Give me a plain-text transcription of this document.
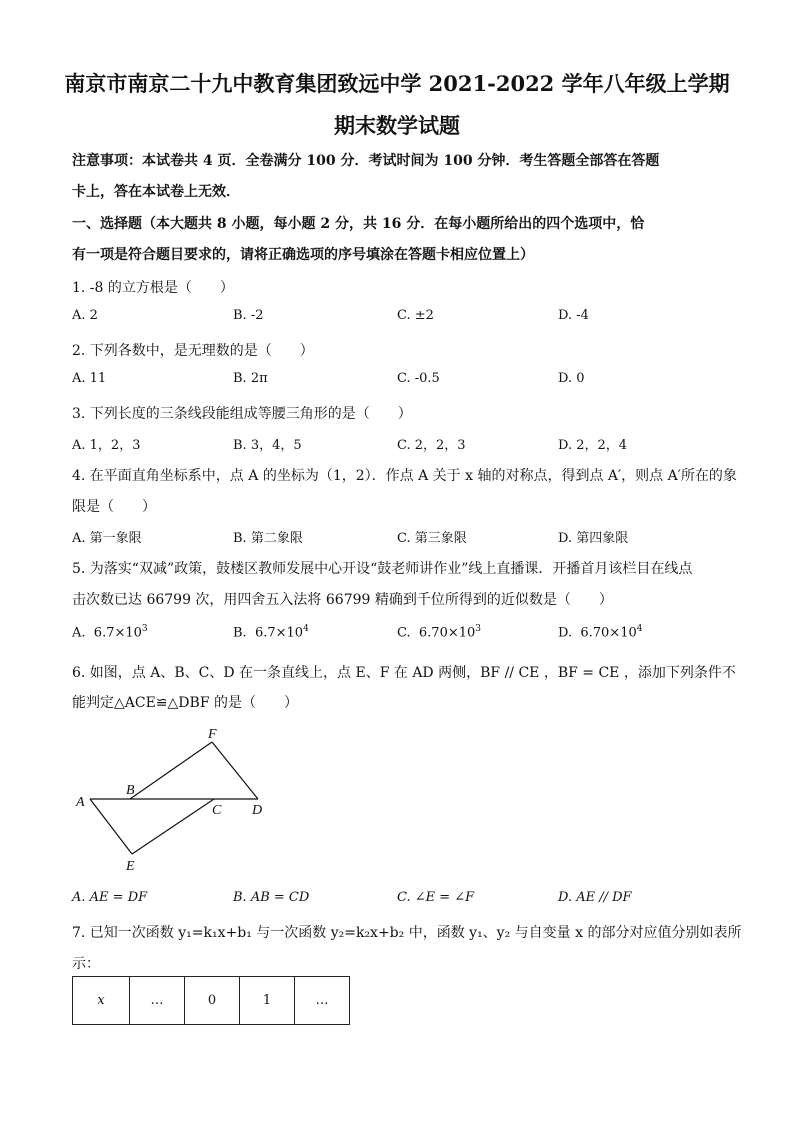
南京市南京二十九中教育集团致远中学 2021-2022 学年八年级上学期
期末数学试题
注意事项：本试卷共 4 页．全卷满分 100 分．考试时间为 100 分钟．考生答题全部答在答题
卡上，答在本试卷上无效．
一、选择题（本大题共 8 小题，每小题 2 分，共 16 分．在每小题所给出的四个选项中，恰
有一项是符合题目要求的，请将正确选项的序号填涂在答题卡相应位置上）
1. -8 的立方根是（　　）
A. 2	B. -2	C. ±2	D. -4
2. 下列各数中，是无理数的是（　　）
A. 11	B. 2π	C. -0.5	D. 0
3. 下列长度的三条线段能组成等腰三角形的是（　　）
A. 1，2，3	B. 3，4，5	C. 2，2，3	D. 2，2，4
4. 在平面直角坐标系中，点 A 的坐标为（1，2）．作点 A 关于 x 轴的对称点，得到点 A′，则点 A′所在的象
限是（　　）
A. 第一象限	B. 第二象限	C. 第三象限	D. 第四象限
5. 为落实“双减”政策，鼓楼区教师发展中心开设“鼓老师讲作业”线上直播课．开播首月该栏目在线点
击次数已达 66799 次，用四舍五入法将 66799 精确到千位所得到的近似数是（　　）
A. $6.7\times 10^3$	B. $6.7\times 10^4$	C. $6.70\times 10^3$	D. $6.70\times 10^4$
6. 如图，点 A、B、C、D 在一条直线上，点 E、F 在 AD 两侧，BF // CE ，BF = CE ，添加下列条件不
能判定△ACE≌△DBF 的是（　　）
F
B
A
C D
E
A. AE = DF	B. AB = CD	C. ∠E = ∠F	D. AE // DF
7. 已知一次函数 y₁=k₁x+b₁ 与一次函数 y₂=k₂x+b₂ 中，函数 y₁、y₂ 与自变量 x 的部分对应值分别如表所
示：
x	…	0	1	…
